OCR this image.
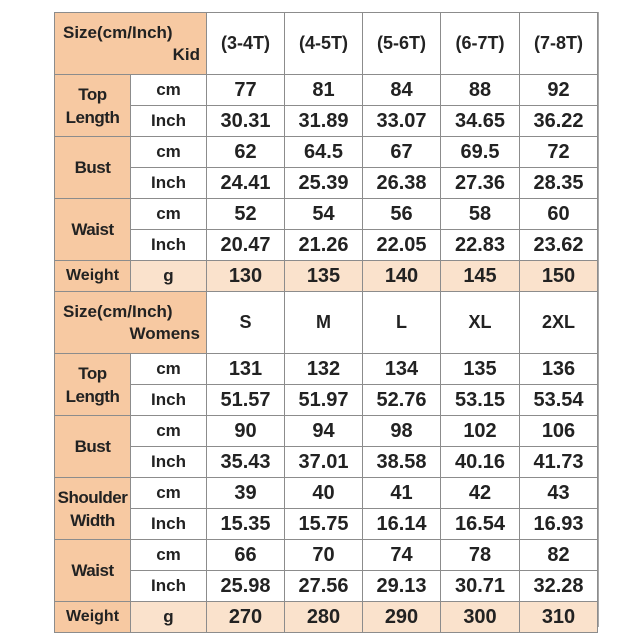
Size(cm/Inch)
Kid		(3-4T)	(4-5T)	(5-6T)	(6-7T)	(7-8T)

Top
Length	cm	77	81	84	88	92
	Inch	30.31	31.89	33.07	34.65	36.22

Bust	cm	62	64.5	67	69.5	72
	Inch	24.41	25.39	26.38	27.36	28.35

Waist	cm	52	54	56	58	60
	Inch	20.47	21.26	22.05	22.83	23.62
Weight	g	130	135	140	145	150

Size(cm/Inch)
Womens		S	M	L	XL	2XL

Top
Length	cm	131	132	134	135	136
	Inch	51.57	51.97	52.76	53.15	53.54

Bust	cm	90	94	98	102	106
	Inch	35.43	37.01	38.58	40.16	41.73

Shoulder
Width	cm	39	40	41	42	43
	Inch	15.35	15.75	16.14	16.54	16.93

Waist	cm	66	70	74	78	82
	Inch	25.98	27.56	29.13	30.71	32.28
Weight	g	270	280	290	300	310
